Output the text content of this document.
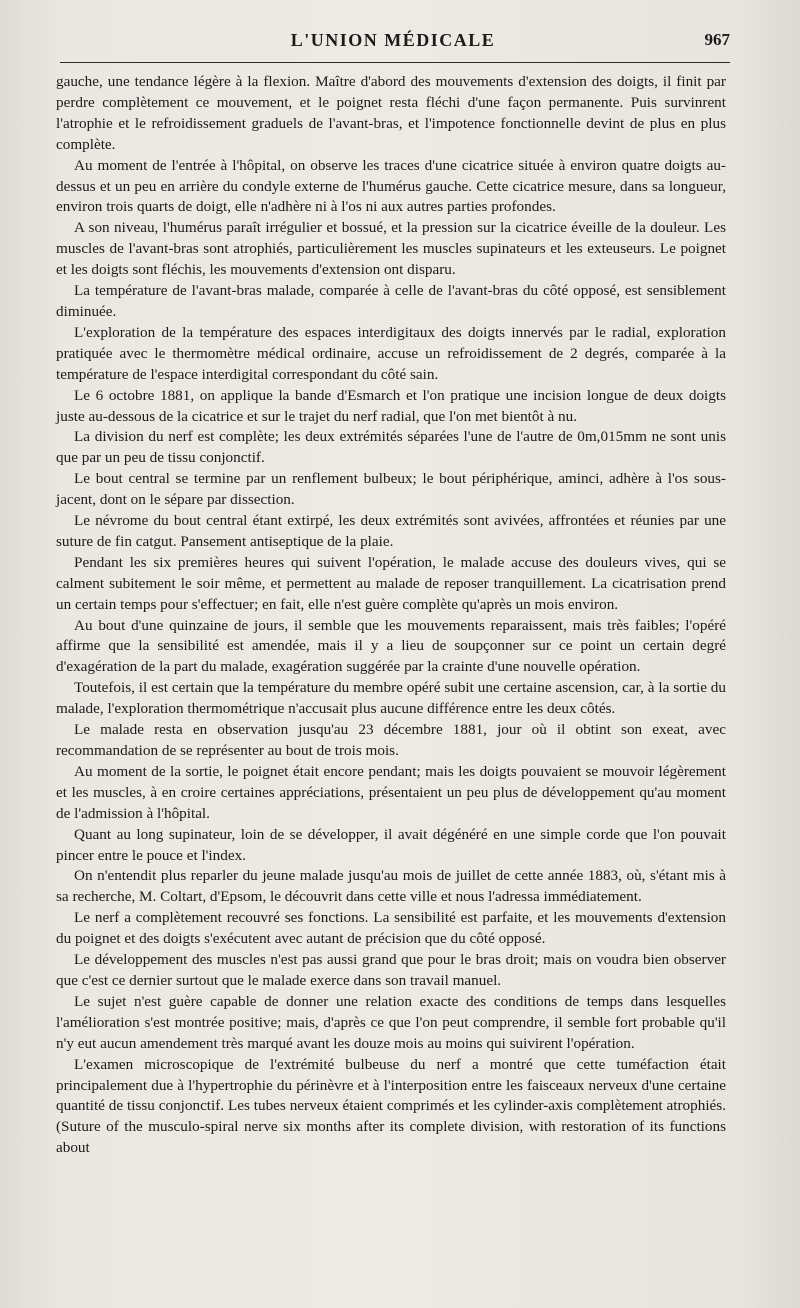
L'UNION MÉDICALE	967

gauche, une tendance légère à la flexion. Maître d'abord des mouvements d'extension des doigts, il finit par perdre complètement ce mouvement, et le poignet resta fléchi d'une façon permanente. Puis survinrent l'atrophie et le refroidissement graduels de l'avant-bras, et l'impotence fonctionnelle devint de plus en plus complète.

Au moment de l'entrée à l'hôpital, on observe les traces d'une cicatrice située à environ quatre doigts au-dessus et un peu en arrière du condyle externe de l'humérus gauche. Cette cicatrice mesure, dans sa longueur, environ trois quarts de doigt, elle n'adhère ni à l'os ni aux autres parties profondes.

A son niveau, l'humérus paraît irrégulier et bossué, et la pression sur la cicatrice éveille de la douleur. Les muscles de l'avant-bras sont atrophiés, particulièrement les muscles supinateurs et les exteuseurs. Le poignet et les doigts sont fléchis, les mouvements d'extension ont disparu.

La température de l'avant-bras malade, comparée à celle de l'avant-bras du côté opposé, est sensiblement diminuée.

L'exploration de la température des espaces interdigitaux des doigts innervés par le radial, exploration pratiquée avec le thermomètre médical ordinaire, accuse un refroidissement de 2 degrés, comparée à la température de l'espace interdigital correspondant du côté sain.

Le 6 octobre 1881, on applique la bande d'Esmarch et l'on pratique une incision longue de deux doigts juste au-dessous de la cicatrice et sur le trajet du nerf radial, que l'on met bientôt à nu.

La division du nerf est complète; les deux extrémités séparées l'une de l'autre de 0m,015mm ne sont unis que par un peu de tissu conjonctif.

Le bout central se termine par un renflement bulbeux; le bout périphérique, aminci, adhère à l'os sous-jacent, dont on le sépare par dissection.

Le névrome du bout central étant extirpé, les deux extrémités sont avivées, affrontées et réunies par une suture de fin catgut. Pansement antiseptique de la plaie.

Pendant les six premières heures qui suivent l'opération, le malade accuse des douleurs vives, qui se calment subitement le soir même, et permettent au malade de reposer tranquillement. La cicatrisation prend un certain temps pour s'effectuer; en fait, elle n'est guère complète qu'après un mois environ.

Au bout d'une quinzaine de jours, il semble que les mouvements reparaissent, mais très faibles; l'opéré affirme que la sensibilité est amendée, mais il y a lieu de soupçonner sur ce point un certain degré d'exagération de la part du malade, exagération suggérée par la crainte d'une nouvelle opération.

Toutefois, il est certain que la température du membre opéré subit une certaine ascension, car, à la sortie du malade, l'exploration thermométrique n'accusait plus aucune différence entre les deux côtés.

Le malade resta en observation jusqu'au 23 décembre 1881, jour où il obtint son exeat, avec recommandation de se représenter au bout de trois mois.

Au moment de la sortie, le poignet était encore pendant; mais les doigts pouvaient se mouvoir légèrement et les muscles, à en croire certaines appréciations, présentaient un peu plus de développement qu'au moment de l'admission à l'hôpital.

Quant au long supinateur, loin de se développer, il avait dégénéré en une simple corde que l'on pouvait pincer entre le pouce et l'index.

On n'entendit plus reparler du jeune malade jusqu'au mois de juillet de cette année 1883, où, s'étant mis à sa recherche, M. Coltart, d'Epsom, le découvrit dans cette ville et nous l'adressa immédiatement.

Le nerf a complètement recouvré ses fonctions. La sensibilité est parfaite, et les mouvements d'extension du poignet et des doigts s'exécutent avec autant de précision que du côté opposé.

Le développement des muscles n'est pas aussi grand que pour le bras droit; mais on voudra bien observer que c'est ce dernier surtout que le malade exerce dans son travail manuel.

Le sujet n'est guère capable de donner une relation exacte des conditions de temps dans lesquelles l'amélioration s'est montrée positive; mais, d'après ce que l'on peut comprendre, il semble fort probable qu'il n'y eut aucun amendement très marqué avant les douze mois au moins qui suivirent l'opération.

L'examen microscopique de l'extrémité bulbeuse du nerf a montré que cette tuméfaction était principalement due à l'hypertrophie du périnèvre et à l'interposition entre les faisceaux nerveux d'une certaine quantité de tissu conjonctif. Les tubes nerveux étaient comprimés et les cylinder-axis complètement atrophiés. (Suture of the musculo-spiral nerve six months after its complete division, with restoration of its functions about
